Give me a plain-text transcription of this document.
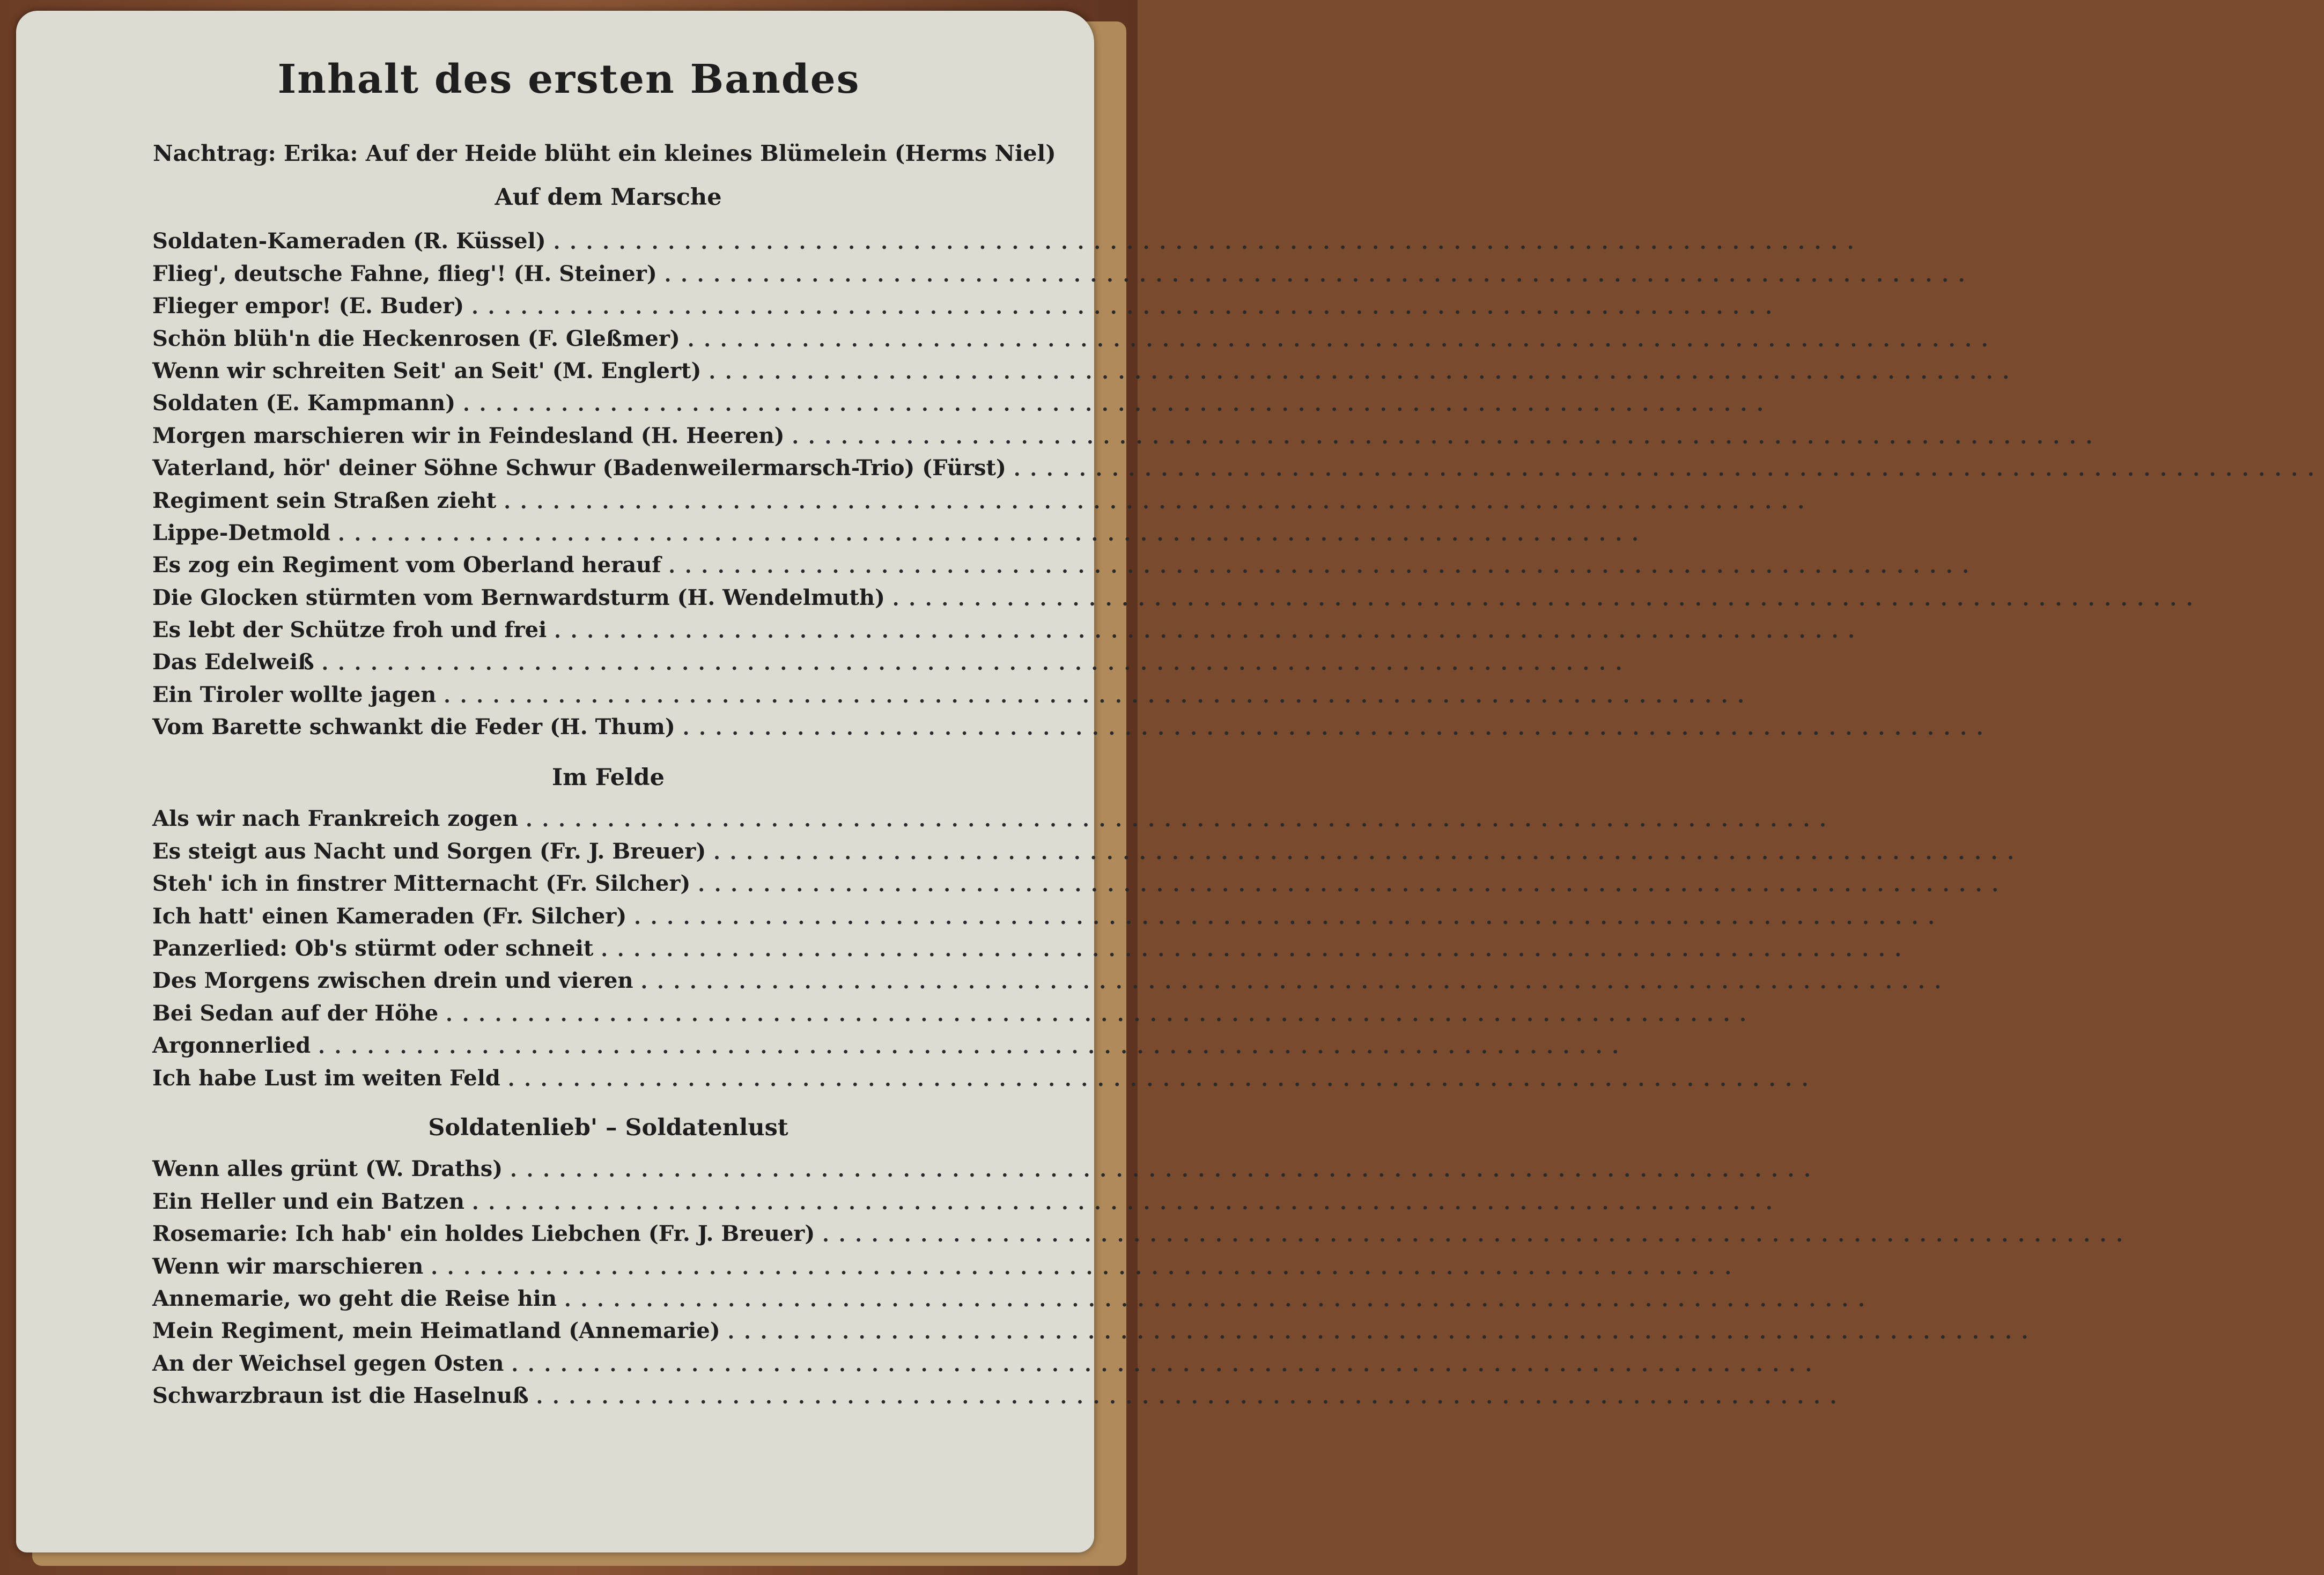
Inhalt des ersten Bandes
Nachtrag: Erika: Auf der Heide blüht ein kleines Blümelein (Herms Niel)
Auf dem Marsche
Soldaten-Kameraden (R. Küssel) ................................................................................
Flieg', deutsche Fahne, flieg'! (H. Steiner) ................................................................................
Flieger empor! (E. Buder) ................................................................................
Schön blüh'n die Heckenrosen (F. Gleßmer) ................................................................................
Wenn wir schreiten Seit' an Seit' (M. Englert) ................................................................................
Soldaten (E. Kampmann) ................................................................................
Morgen marschieren wir in Feindesland (H. Heeren) ................................................................................
Vaterland, hör' deiner Söhne Schwur (Badenweilermarsch-Trio) (Fürst) ................................................................................
Regiment sein Straßen zieht ................................................................................
Lippe-Detmold ................................................................................
Es zog ein Regiment vom Oberland herauf ................................................................................
Die Glocken stürmten vom Bernwardsturm (H. Wendelmuth) ................................................................................
Es lebt der Schütze froh und frei ................................................................................
Das Edelweiß ................................................................................
Ein Tiroler wollte jagen ................................................................................
Vom Barette schwankt die Feder (H. Thum) ................................................................................
Im Felde
Als wir nach Frankreich zogen ................................................................................
Es steigt aus Nacht und Sorgen (Fr. J. Breuer) ................................................................................
Steh' ich in finstrer Mitternacht (Fr. Silcher) ................................................................................
Ich hatt' einen Kameraden (Fr. Silcher) ................................................................................
Panzerlied: Ob's stürmt oder schneit ................................................................................
Des Morgens zwischen drein und vieren ................................................................................
Bei Sedan auf der Höhe ................................................................................
Argonnerlied ................................................................................
Ich habe Lust im weiten Feld ................................................................................
Soldatenlieb' – Soldatenlust
Wenn alles grünt (W. Draths) ................................................................................
Ein Heller und ein Batzen ................................................................................
Rosemarie: Ich hab' ein holdes Liebchen (Fr. J. Breuer) ................................................................................
Wenn wir marschieren ................................................................................
Annemarie, wo geht die Reise hin ................................................................................
Mein Regiment, mein Heimatland (Annemarie) ................................................................................
An der Weichsel gegen Osten ................................................................................
Schwarzbraun ist die Haselnuß ................................................................................
